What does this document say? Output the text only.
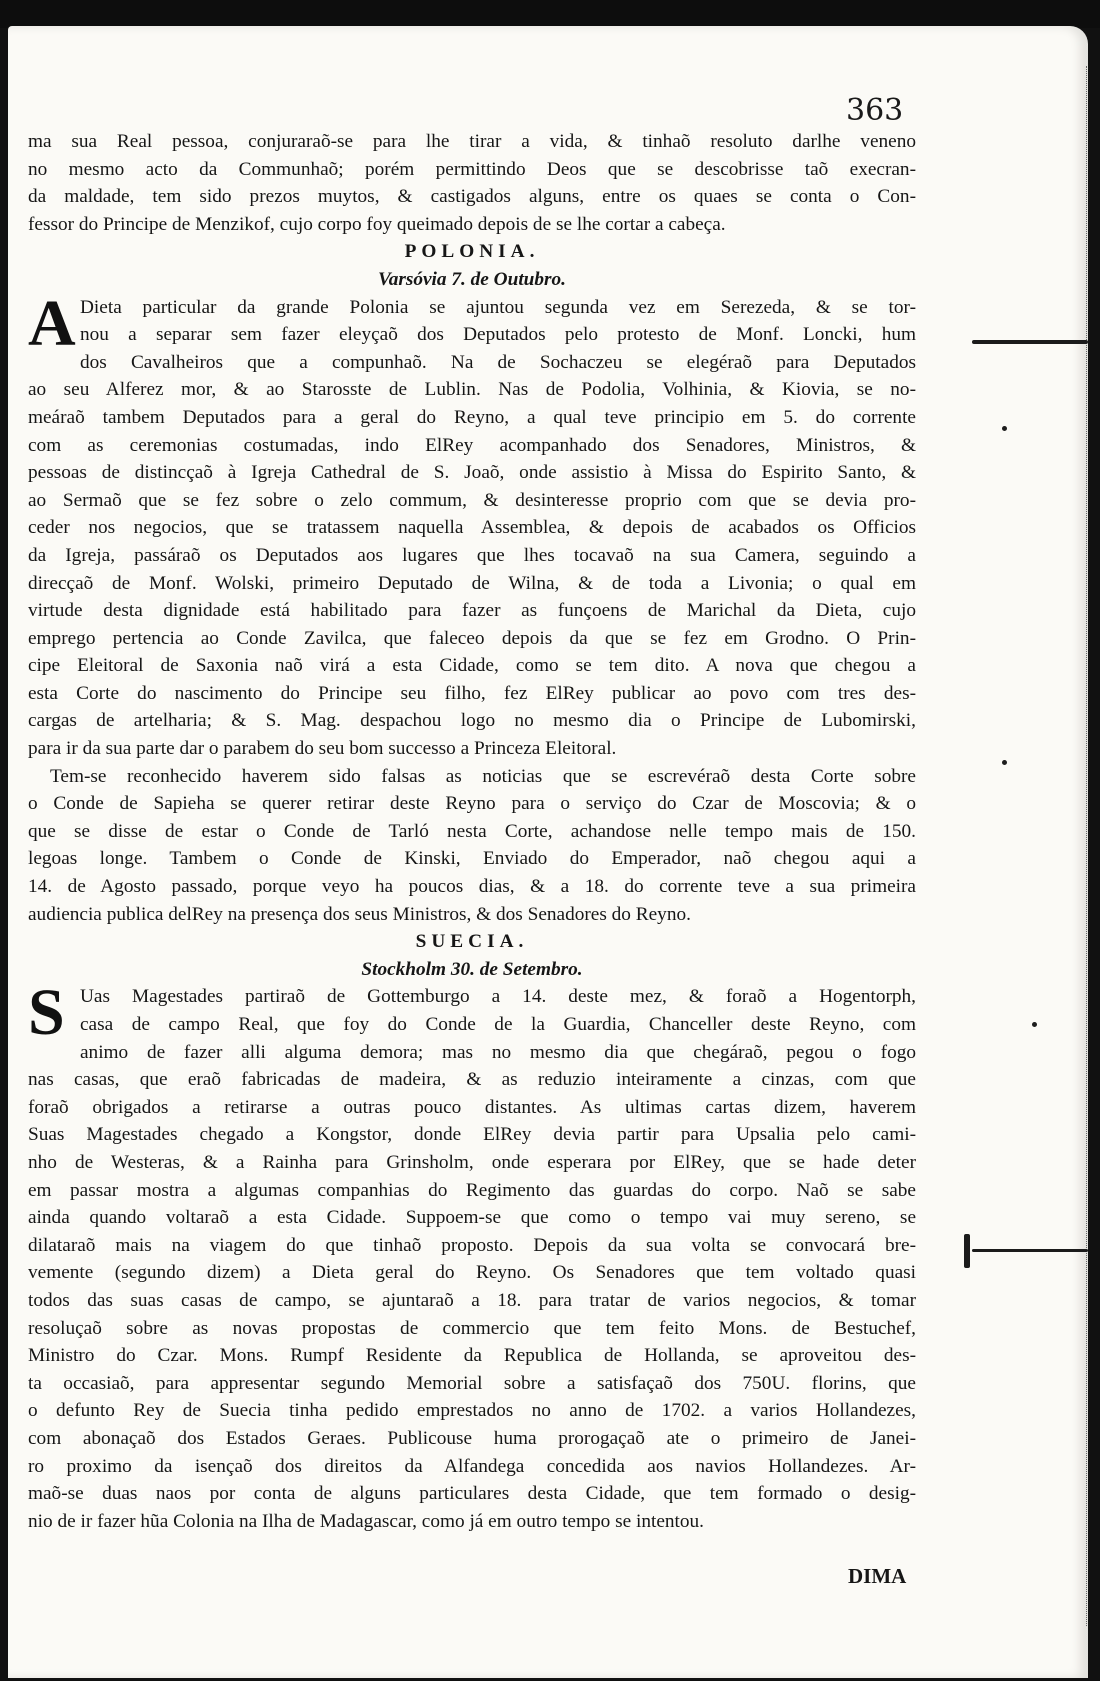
363
ma sua Real pessoa, conjuraraõ-se para lhe tirar a vida, & tinhaõ resoluto darlhe veneno
no mesmo acto da Communhaõ; porém permittindo Deos que se descobrisse taõ execran-
da maldade, tem sido prezos muytos, & castigados alguns, entre os quaes se conta o Con-
fessor do Principe de Menzikof, cujo corpo foy queimado depois de se lhe cortar a cabeça.
POLONIA.
Varsóvia 7. de Outubro.
A Dieta particular da grande Polonia se ajuntou segunda vez em Serezeda, & se tor-
nou a separar sem fazer eleyçaõ dos Deputados pelo protesto de Monf. Loncki, hum
dos Cavalheiros que a compunhaõ. Na de Sochaczeu se elegéraõ para Deputados
ao seu Alferez mor, & ao Starosste de Lublin. Nas de Podolia, Volhinia, & Kiovia, se no-
meáraõ tambem Deputados para a geral do Reyno, a qual teve principio em 5. do corrente
com as ceremonias costumadas, indo ElRey acompanhado dos Senadores, Ministros, &
pessoas de distincçaõ à Igreja Cathedral de S. Joaõ, onde assistio à Missa do Espirito Santo, &
ao Sermaõ que se fez sobre o zelo commum, & desinteresse proprio com que se devia pro-
ceder nos negocios, que se tratassem naquella Assemblea, & depois de acabados os Officios
da Igreja, passáraõ os Deputados aos lugares que lhes tocavaõ na sua Camera, seguindo a
direcçaõ de Monf. Wolski, primeiro Deputado de Wilna, & de toda a Livonia; o qual em
virtude desta dignidade está habilitado para fazer as funçoens de Marichal da Dieta, cujo
emprego pertencia ao Conde Zavilca, que faleceo depois da que se fez em Grodno. O Prin-
cipe Eleitoral de Saxonia naõ virá a esta Cidade, como se tem dito. A nova que chegou a
esta Corte do nascimento do Principe seu filho, fez ElRey publicar ao povo com tres des-
cargas de artelharia; & S. Mag. despachou logo no mesmo dia o Principe de Lubomirski,
para ir da sua parte dar o parabem do seu bom successo a Princeza Eleitoral.
Tem-se reconhecido haverem sido falsas as noticias que se escrevéraõ desta Corte sobre
o Conde de Sapieha se querer retirar deste Reyno para o serviço do Czar de Moscovia; & o
que se disse de estar o Conde de Tarló nesta Corte, achandose nelle tempo mais de 150.
legoas longe. Tambem o Conde de Kinski, Enviado do Emperador, naõ chegou aqui a
14. de Agosto passado, porque veyo ha poucos dias, & a 18. do corrente teve a sua primeira
audiencia publica delRey na presença dos seus Ministros, & dos Senadores do Reyno.
SUECIA.
Stockholm 30. de Setembro.
S Uas Magestades partiraõ de Gottemburgo a 14. deste mez, & foraõ a Hogentorph,
casa de campo Real, que foy do Conde de la Guardia, Chanceller deste Reyno, com
animo de fazer alli alguma demora; mas no mesmo dia que chegáraõ, pegou o fogo
nas casas, que eraõ fabricadas de madeira, & as reduzio inteiramente a cinzas, com que
foraõ obrigados a retirarse a outras pouco distantes. As ultimas cartas dizem, haverem
Suas Magestades chegado a Kongstor, donde ElRey devia partir para Upsalia pelo cami-
nho de Westeras, & a Rainha para Grinsholm, onde esperara por ElRey, que se hade deter
em passar mostra a algumas companhias do Regimento das guardas do corpo. Naõ se sabe
ainda quando voltaraõ a esta Cidade. Suppoem-se que como o tempo vai muy sereno, se
dilataraõ mais na viagem do que tinhaõ proposto. Depois da sua volta se convocará bre-
vemente (segundo dizem) a Dieta geral do Reyno. Os Senadores que tem voltado quasi
todos das suas casas de campo, se ajuntaraõ a 18. para tratar de varios negocios, & tomar
resoluçaõ sobre as novas propostas de commercio que tem feito Mons. de Bestuchef,
Ministro do Czar. Mons. Rumpf Residente da Republica de Hollanda, se aproveitou des-
ta occasiaõ, para appresentar segundo Memorial sobre a satisfaçaõ dos 750U. florins, que
o defunto Rey de Suecia tinha pedido emprestados no anno de 1702. a varios Hollandezes,
com abonaçaõ dos Estados Geraes. Publicouse huma prorogaçaõ ate o primeiro de Janei-
ro proximo da isençaõ dos direitos da Alfandega concedida aos navios Hollandezes. Ar-
maõ-se duas naos por conta de alguns particulares desta Cidade, que tem formado o desig-
nio de ir fazer hũa Colonia na Ilha de Madagascar, como já em outro tempo se intentou.
DIMA
